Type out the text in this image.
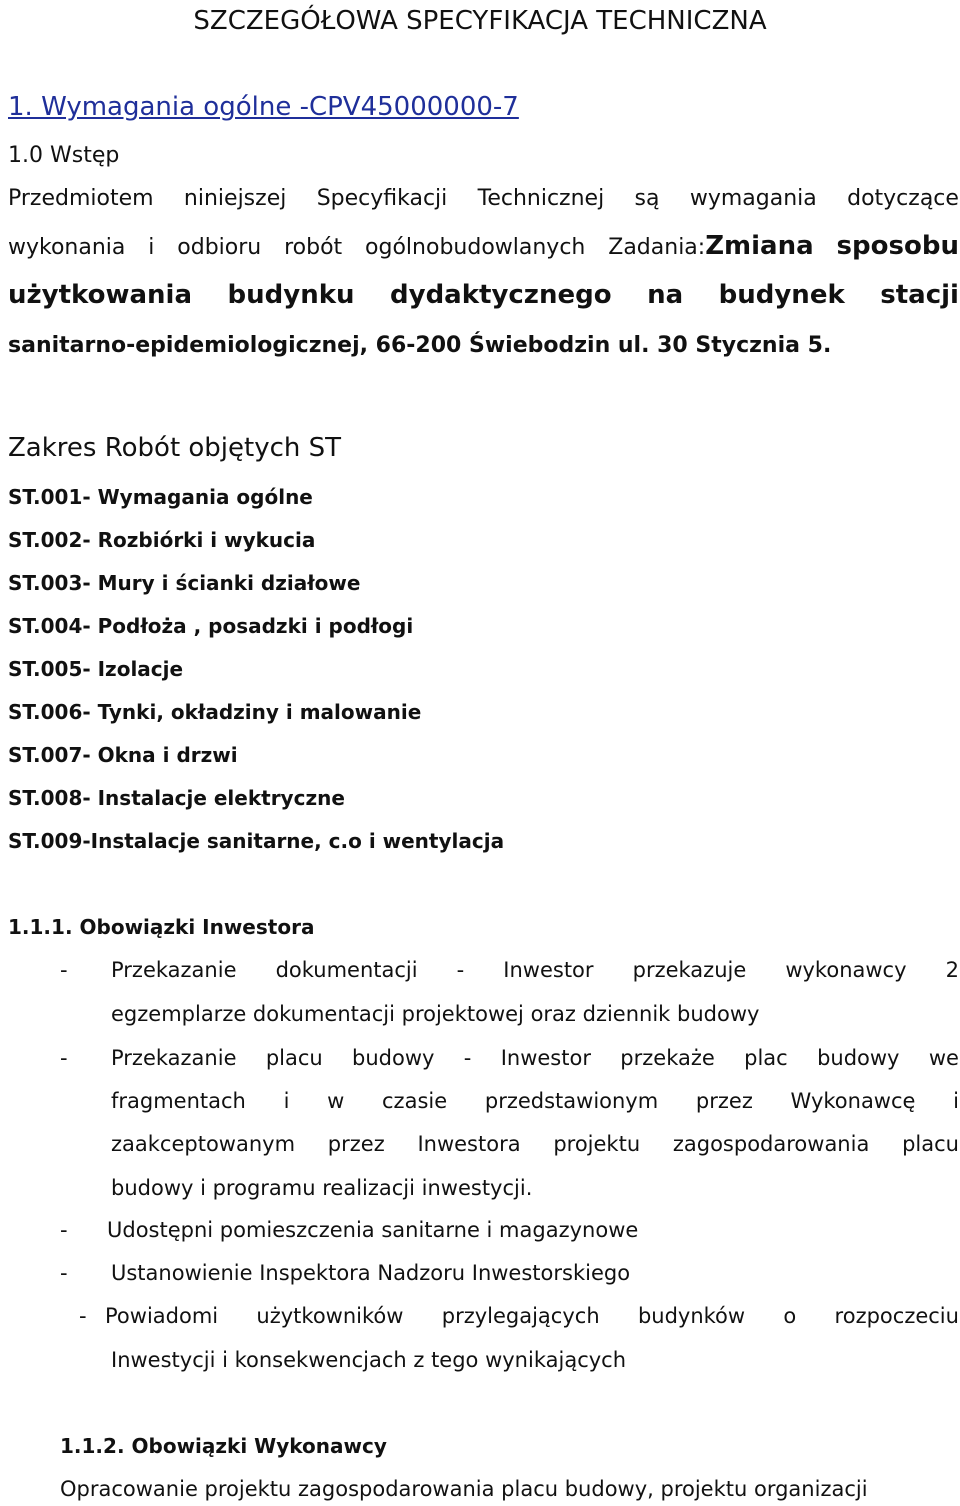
SZCZEGÓŁOWA SPECYFIKACJA TECHNICZNA

1. Wymagania ogólne -CPV45000000-7

1.0 Wstęp

Przedmiotem niniejszej Specyfikacji Technicznej są wymagania dotyczące
wykonania i odbioru robót ogólnobudowlanych Zadania:Zmiana sposobu
użytkowania budynku dydaktycznego na budynek stacji

sanitarno-epidemiologicznej, 66-200 Świebodzin ul. 30 Stycznia 5.

Zakres Robót objętych ST

ST.001- Wymagania ogólne

ST.002- Rozbiórki i wykucia

ST.003- Mury i ścianki działowe

ST.004- Podłoża , posadzki i podłogi

ST.005- Izolacje

ST.006- Tynki, okładziny i malowanie

ST.007- Okna i drzwi

ST.008- Instalacje elektryczne

ST.009-Instalacje sanitarne, c.o i wentylacja

1.1.1. Obowiązki Inwestora

- Przekazanie dokumentacji - Inwestor przekazuje wykonawcy 2

egzemplarze dokumentacji projektowej oraz dziennik budowy

- Przekazanie placu budowy - Inwestor przekaże plac budowy we
fragmentach i w czasie przedstawionym przez Wykonawcę i
zaakceptowanym przez Inwestora projektu zagospodarowania placu

budowy i programu realizacji inwestycji.

- Udostępni pomieszczenia sanitarne i magazynowe

- Ustanowienie Inspektora Nadzoru Inwestorskiego

- Powiadomi użytkowników przylegających budynków o rozpoczeciu

Inwestycji i konsekwencjach z tego wynikających

1.1.2. Obowiązki Wykonawcy

Opracowanie projektu zagospodarowania placu budowy, projektu organizacji
